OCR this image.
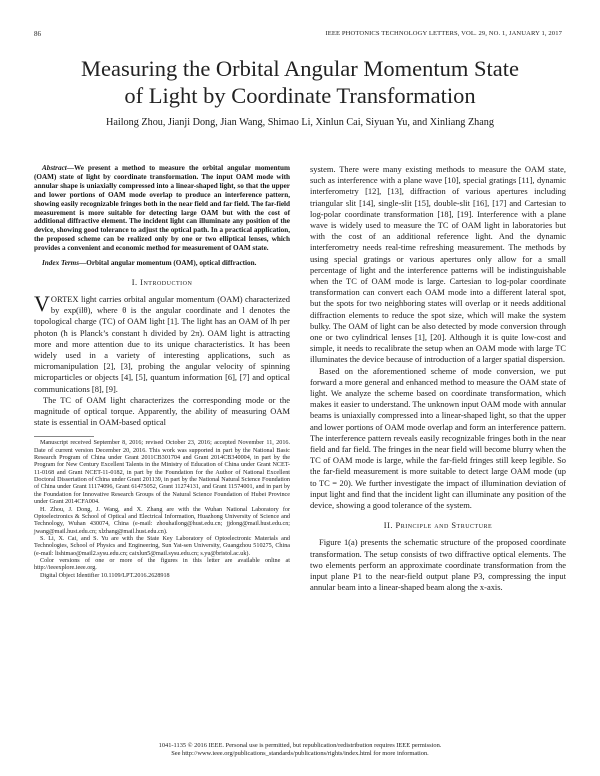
86	IEEE PHOTONICS TECHNOLOGY LETTERS, VOL. 29, NO. 1, JANUARY 1, 2017
Measuring the Orbital Angular Momentum State
of Light by Coordinate Transformation
Hailong Zhou, Jianji Dong, Jian Wang, Shimao Li, Xinlun Cai, Siyuan Yu, and Xinliang Zhang

Abstract—We present a method to measure the orbital angular momentum (OAM) state of light by coordinate transformation. The input OAM mode with annular shape is uniaxially compressed into a linear-shaped light, so that the upper and lower portions of OAM mode overlap to produce an interference pattern, showing easily recognizable fringes both in the near field and far field. The far-field measurement is more suitable for detecting large OAM but with the cost of additional diffractive element. The incident light can illuminate any position of the device, showing good tolerance to adjust the optical path. In a practical application, the proposed scheme can be realized only by one or two elliptical lenses, which provides a convenient and economic method for measurement of OAM state.

Index Terms—Orbital angular momentum (OAM), optical diffraction.

I. Introduction

VORTEX light carries orbital angular momentum (OAM) characterized by exp(ilθ), where θ is the angular coordinate and l denotes the topological charge (TC) of OAM light [1]. The light has an OAM of lħ per photon (ħ is Planck’s constant h divided by 2π). OAM light is attracting more and more attention due to its unique characteristics. It has been widely used in a variety of interesting applications, such as micromanipulation [2], [3], probing the angular velocity of spinning microparticles or objects [4], [5], quantum information [6], [7] and optical communications [8], [9].

The TC of OAM light characterizes the corresponding mode or the magnitude of optical torque. Apparently, the ability of measuring OAM state is essential in OAM-based optical

Manuscript received September 8, 2016; revised October 23, 2016; accepted November 11, 2016. Date of current version December 20, 2016. This work was supported in part by the National Basic Research Program of China under Grant 2011CB301704 and Grant 2014CB340004, in part by the Program for New Century Excellent Talents in the Ministry of Education of China under Grant NCET-11-0168 and Grant NCET-11-0182, in part by the Foundation for the Author of National Excellent Doctoral Dissertation of China under Grant 201139, in part by the National Natural Science Foundation of China under Grant 11174096, Grant 61475052, Grant 11274131, and Grant 11574001, and in part by the Foundation for Innovative Research Groups of the Natural Science Foundation of Hubei Province under Grant 2014CFA004.

H. Zhou, J. Dong, J. Wang, and X. Zhang are with the Wuhan National Laboratory for Optoelectronics & School of Optical and Electrical Information, Huazhong University of Science and Technology, Wuhan 430074, China (e-mail: zhouhailong@hust.edu.cn; jjdong@mail.hust.edu.cn; jwang@mail.hust.edu.cn; xlzhang@mail.hust.edu.cn).

S. Li, X. Cai, and S. Yu are with the State Key Laboratory of Optoelectronic Materials and Technologies, School of Physics and Engineering, Sun Yat-sen University, Guangzhou 510275, China (e-mail: lishimao@mail2.sysu.edu.cn; caixlun5@mail.sysu.edu.cn; s.yu@bristol.ac.uk).

Color versions of one or more of the figures in this letter are available online at http://ieeexplore.ieee.org.

Digital Object Identifier 10.1109/LPT.2016.2628918

system. There were many existing methods to measure the OAM state, such as interference with a plane wave [10], special gratings [11], dynamic interferometry [12], [13], diffraction of various apertures including triangular slit [14], single-slit [15], double-slit [16], [17] and Cartesian to log-polar coordinate transformation [18], [19]. Interference with a plane wave is widely used to measure the TC of OAM light in laboratories but with the cost of an additional reference light. And the dynamic interferometry needs real-time refreshing measurement. The methods by using special gratings or various apertures only allow for a small percentage of light and the interference patterns will be indistinguishable when the TC of OAM mode is large. Cartesian to log-polar coordinate transformation can convert each OAM mode into a different lateral spot, but the spots for two neighboring states will overlap or it needs additional diffraction elements to reduce the spot size, which will make the system bulky. The OAM of light can be also detected by mode conversion through one or two cylindrical lenses [1], [20]. Although it is quite low-cost and simple, it needs to recalibrate the setup when an OAM mode with large TC illuminates the device because of introduction of a larger spatial dispersion.

Based on the aforementioned scheme of mode conversion, we put forward a more general and enhanced method to measure the OAM state of light. We analyze the scheme based on coordinate transformation, which makes it easier to understand. The unknown input OAM mode with annular beams is uniaxially compressed into a linear-shaped light, so that the upper and lower portions of OAM mode overlap and form an interference pattern. The interference pattern reveals easily recognizable fringes both in the near field and far field. The fringes in the near field will become blurry when the TC of OAM mode is large, while the far-field fringes still keep legible. So the far-field measurement is more suitable to detect large OAM mode (up to TC = 20). We further investigate the impact of illumination deviation of input light and find that the incident light can illuminate any position of the device, showing a good tolerance of the system.

II. Principle and Structure

Figure 1(a) presents the schematic structure of the proposed coordinate transformation. The setup consists of two diffractive optical elements. The two elements perform an approximate coordinate transformation from the input plane P1 to the near-field output plane P3, compressing the input annular beam into a linear-shaped beam along the x-axis.

1041-1135 © 2016 IEEE. Personal use is permitted, but republication/redistribution requires IEEE permission.
See http://www.ieee.org/publications_standards/publications/rights/index.html for more information.
